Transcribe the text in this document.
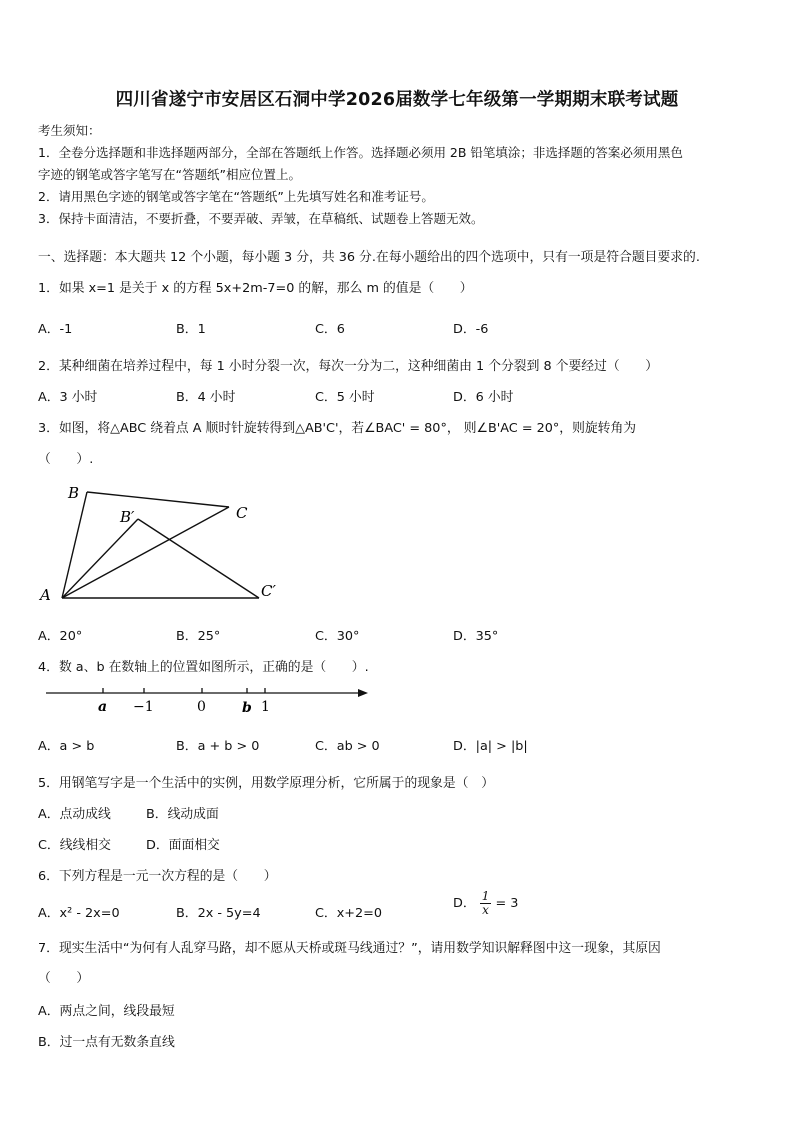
四川省遂宁市安居区石洞中学2026届数学七年级第一学期期末联考试题
考生须知：
1．全卷分选择题和非选择题两部分，全部在答题纸上作答。选择题必须用 2B 铅笔填涂；非选择题的答案必须用黑色
字迹的钢笔或答字笔写在“答题纸”相应位置上。
2．请用黑色字迹的钢笔或答字笔在“答题纸”上先填写姓名和准考证号。
3．保持卡面清洁，不要折叠，不要弄破、弄皱，在草稿纸、试题卷上答题无效。
一、选择题：本大题共 12 个小题，每小题 3 分，共 36 分.在每小题给出的四个选项中，只有一项是符合题目要求的.
1．如果 x=1 是关于 x 的方程 5x+2m-7=0 的解，那么 m 的值是（　　）
A．-1	B．1	C．6	D．-6
2．某种细菌在培养过程中，每 1 小时分裂一次，每次一分为二，这种细菌由 1 个分裂到 8 个要经过（　　）
A．3 小时	B．4 小时	C．5 小时	D．6 小时
3．如图，将△ABC 绕着点 A 顺时针旋转得到△AB'C'，若∠BAC' = 80°， 则∠B'AC = 20°，则旋转角为
（　　）.
A
B
C
B′
C′
A．20°	B．25°	C．30°	D．35°
4．数 a、b 在数轴上的位置如图所示，正确的是（　　）.
a −1	0	b 1
A．a > b	B．a + b > 0	C．ab > 0	D．|a| > |b|
5．用钢笔写字是一个生活中的实例，用数学原理分析，它所属于的现象是（　）
A．点动成线	B．线动成面
C．线线相交	D．面面相交
6．下列方程是一元一次方程的是（　　）
A．x² - 2x=0	B．2x - 5y=4	C．x+2=0
D． $\frac{1}{x} = 3$
7．现实生活中“为何有人乱穿马路，却不愿从天桥或斑马线通过？”，请用数学知识解释图中这一现象，其原因
（　　）
A．两点之间，线段最短
B．过一点有无数条直线
